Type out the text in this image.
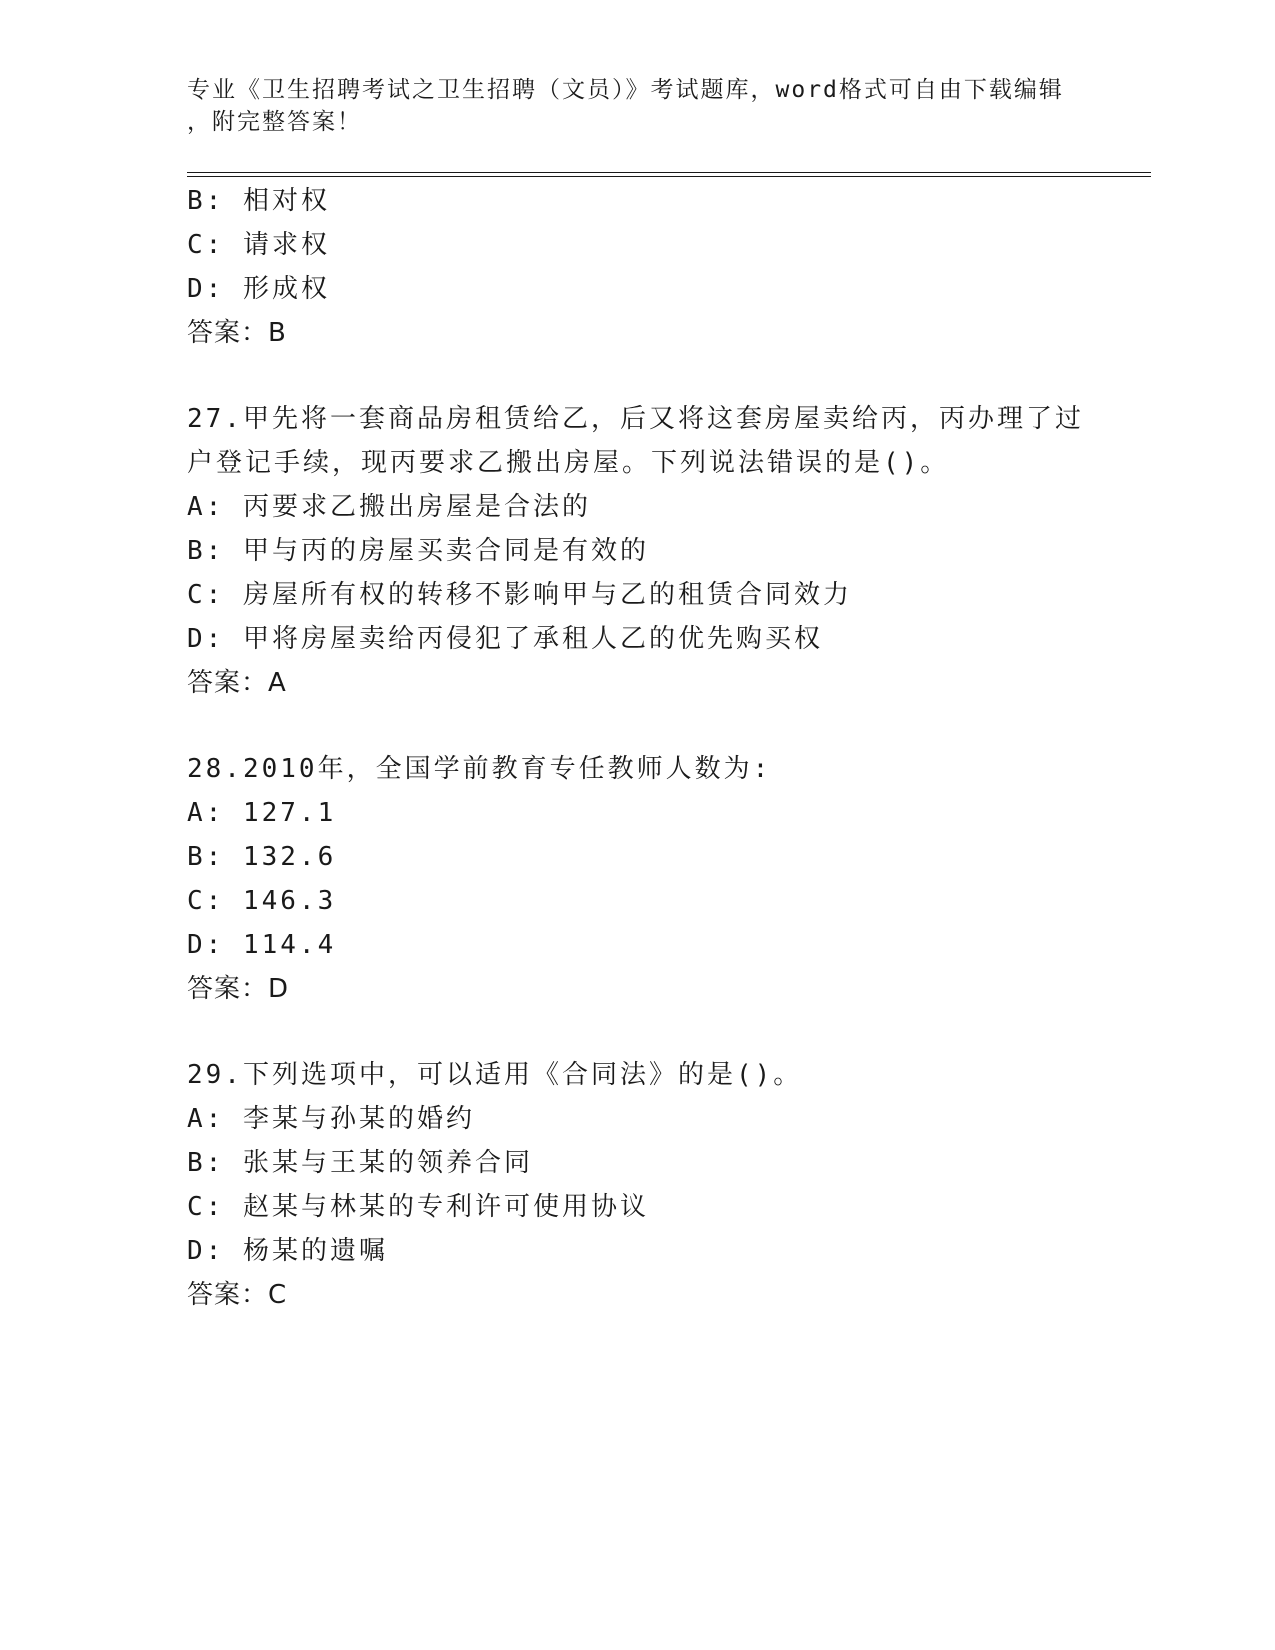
专业《卫生招聘考试之卫生招聘（文员）》考试题库，word格式可自由下载编辑
，附完整答案！
B: 相对权
C: 请求权
D: 形成权
答案：B
27.甲先将一套商品房租赁给乙，后又将这套房屋卖给丙，丙办理了过
户登记手续，现丙要求乙搬出房屋。下列说法错误的是()。
A: 丙要求乙搬出房屋是合法的
B: 甲与丙的房屋买卖合同是有效的
C: 房屋所有权的转移不影响甲与乙的租赁合同效力
D: 甲将房屋卖给丙侵犯了承租人乙的优先购买权
答案：A
28.2010年，全国学前教育专任教师人数为:
A: 127.1
B: 132.6
C: 146.3
D: 114.4
答案：D
29.下列选项中，可以适用《合同法》的是()。
A: 李某与孙某的婚约
B: 张某与王某的领养合同
C: 赵某与林某的专利许可使用协议
D: 杨某的遗嘱
答案：C
